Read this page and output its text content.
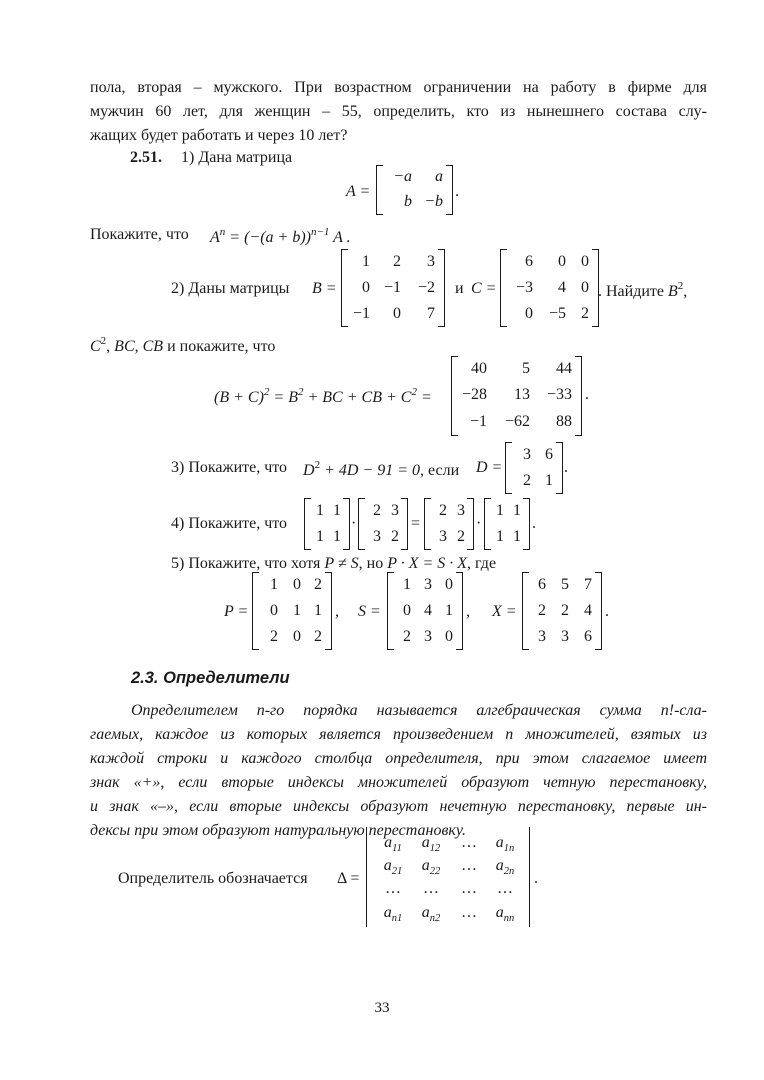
пола, вторая – мужского. При возрастном ограничении на работу в фирме для
мужчин 60 лет, для женщин – 55, определить, кто из нынешнего состава слу-
жащих будет работать и через 10 лет?
2.51. 1) Дана матрица
A =
−a a
b −b
.
Покажите, что $A^n = (-(a + b))^{n-1}$ A .
2) Даны матрицы B =
1 2 3
0 −1 −2
−1 0 7
и C =
6 0 0
−3 4 0
0 −5 2
. Найдите $B^2$,
$C^2$, BC, CB и покажите, что
$(B + C)^2 = B^2$ + BC + CB + $C^2$ =
40 5 44
−28 13 −33
−1 −62 88
.
3) Покажите, что $D^2 + 4D - 91 = 0$, если D =
3 6
2 1
.
4) Покажите, что
1 1
1 1
·
2 3
3 2
=
2 3
3 2
·
1 1
1 1
.
5) Покажите, что хотя P ≠ S, но P · X = S · X, где
P =
1 0 2
0 1 1
2 0 2
, S =
1 3 0
0 4 1
2 3 0
, X =
6 5 7
2 2 4
3 3 6
.
2.3. Определители
Определителем n-го порядка называется алгебраическая сумма n!-сла-
гаемых, каждое из которых является произведением n множителей, взятых из
каждой строки и каждого столбца определителя, при этом слагаемое имеет
знак «+», если вторые индексы множителей образуют четную перестановку,
и знак «–», если вторые индексы образуют нечетную перестановку, первые ин-
дексы при этом образуют натуральную перестановку.
Определитель обозначается Δ =
$a_{11}$	$a_{12}$	…	$a_{1n}$
$a_{21}$	$a_{22}$	…	$a_{2n}$
…	…	…	…
$a_{n1}$	$a_{n2}$	…	$a_{nn}$
.
33
